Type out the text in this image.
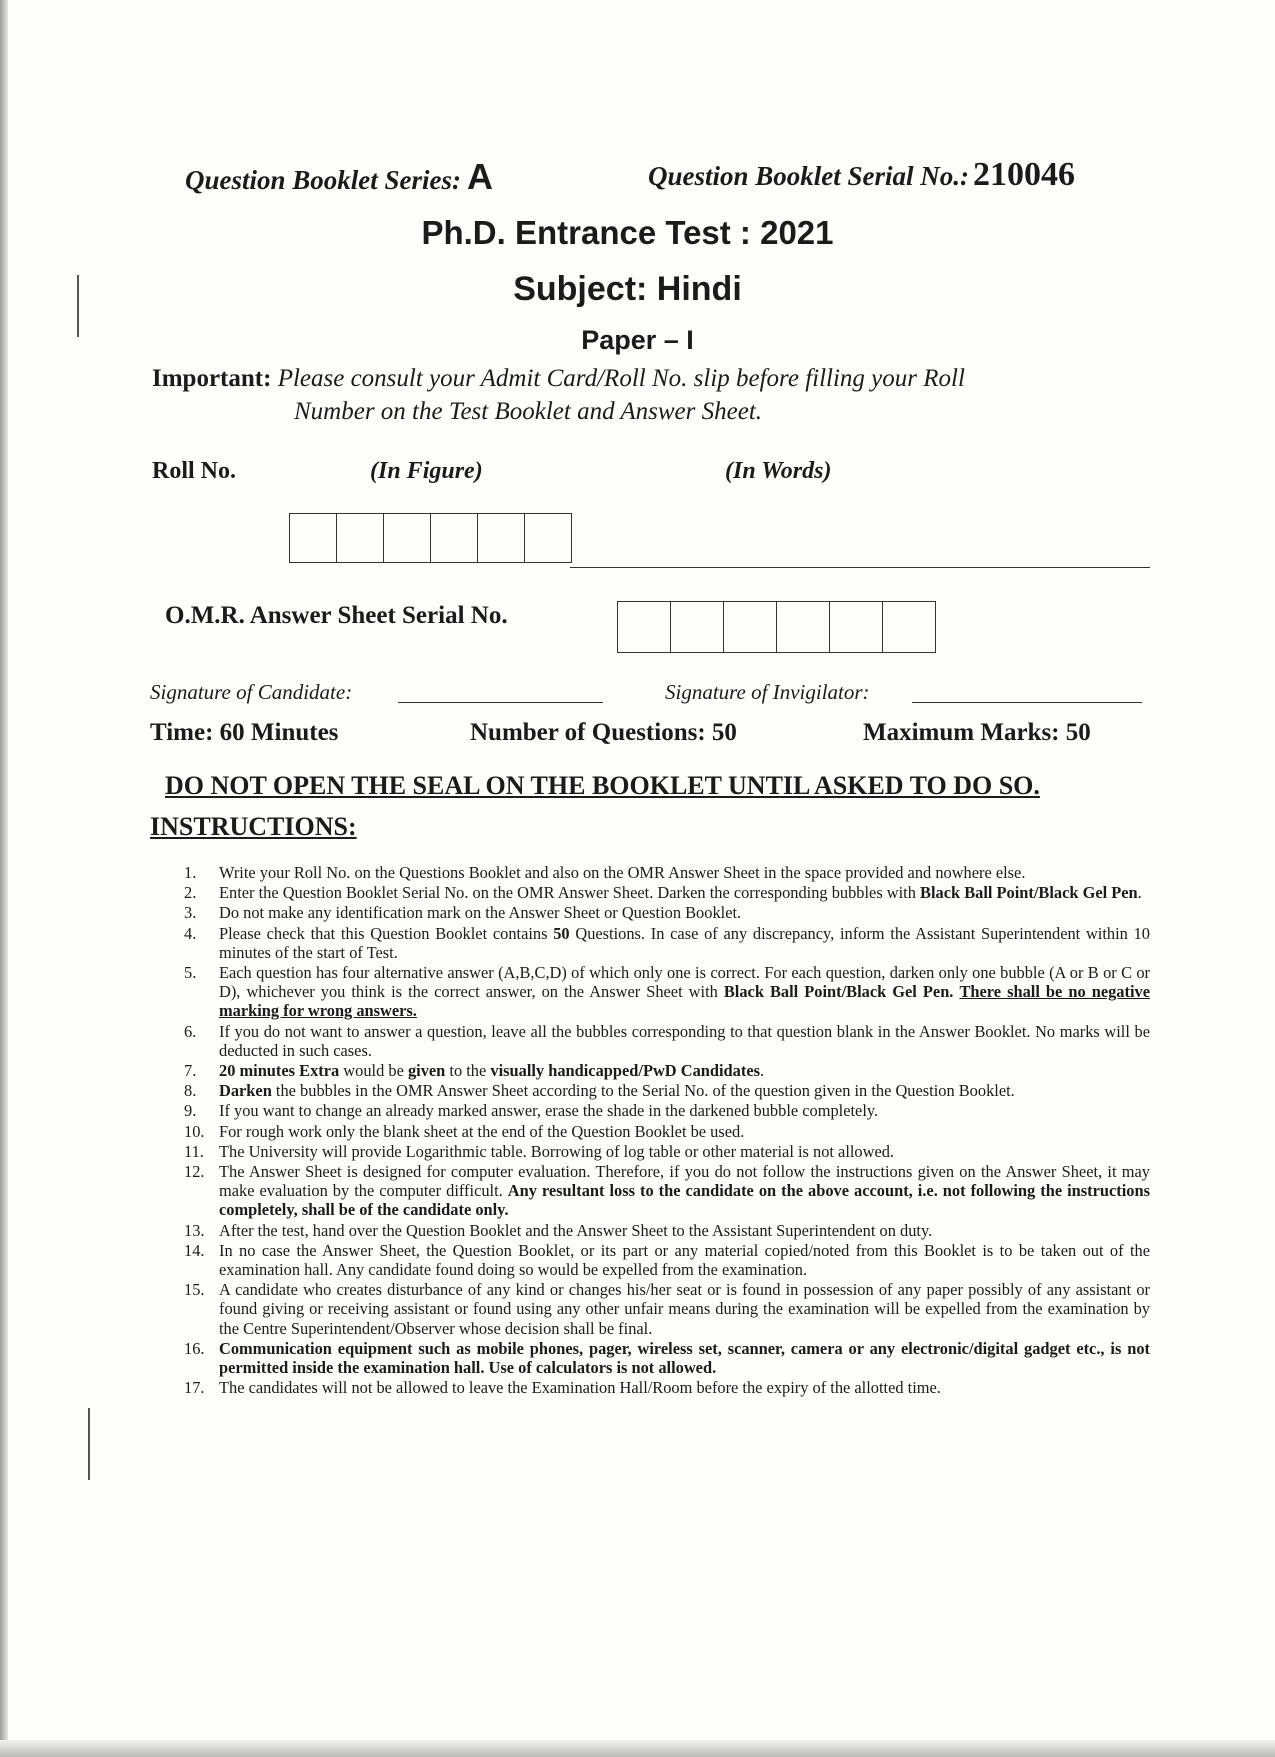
Question Booklet Series: A	Question Booklet Serial No.: 210046
Ph.D. Entrance Test : 2021
Subject: Hindi
Paper – I
Important: Please consult your Admit Card/Roll No. slip before filling your Roll
Number on the Test Booklet and Answer Sheet.
Roll No.	(In Figure)	(In Words)
O.M.R. Answer Sheet Serial No.
Signature of Candidate:	Signature of Invigilator:
Time: 60 Minutes	Number of Questions: 50	Maximum Marks: 50
DO NOT OPEN THE SEAL ON THE BOOKLET UNTIL ASKED TO DO SO.
INSTRUCTIONS:
1.	Write your Roll No. on the Questions Booklet and also on the OMR Answer Sheet in the space provided and nowhere else.
2.	Enter the Question Booklet Serial No. on the OMR Answer Sheet. Darken the corresponding bubbles with Black Ball Point/Black Gel Pen.
3.	Do not make any identification mark on the Answer Sheet or Question Booklet.
4.	Please check that this Question Booklet contains 50 Questions. In case of any discrepancy, inform the Assistant Superintendent within 10 minutes of the start of Test.
5.	Each question has four alternative answer (A,B,C,D) of which only one is correct. For each question, darken only one bubble (A or B or C or D), whichever you think is the correct answer, on the Answer Sheet with Black Ball Point/Black Gel Pen. There shall be no negative marking for wrong answers.
6.	If you do not want to answer a question, leave all the bubbles corresponding to that question blank in the Answer Booklet. No marks will be deducted in such cases.
7.	20 minutes Extra would be given to the visually handicapped/PwD Candidates.
8.	Darken the bubbles in the OMR Answer Sheet according to the Serial No. of the question given in the Question Booklet.
9.	If you want to change an already marked answer, erase the shade in the darkened bubble completely.
10. For rough work only the blank sheet at the end of the Question Booklet be used.
11. The University will provide Logarithmic table. Borrowing of log table or other material is not allowed.
12. The Answer Sheet is designed for computer evaluation. Therefore, if you do not follow the instructions given on the Answer Sheet, it may make evaluation by the computer difficult. Any resultant loss to the candidate on the above account, i.e. not following the instructions completely, shall be of the candidate only.
13. After the test, hand over the Question Booklet and the Answer Sheet to the Assistant Superintendent on duty.
14. In no case the Answer Sheet, the Question Booklet, or its part or any material copied/noted from this Booklet is to be taken out of the examination hall. Any candidate found doing so would be expelled from the examination.
15. A candidate who creates disturbance of any kind or changes his/her seat or is found in possession of any paper possibly of any assistant or found giving or receiving assistant or found using any other unfair means during the examination will be expelled from the examination by the Centre Superintendent/Observer whose decision shall be final.
16. Communication equipment such as mobile phones, pager, wireless set, scanner, camera or any electronic/digital gadget etc., is not permitted inside the examination hall. Use of calculators is not allowed.
17. The candidates will not be allowed to leave the Examination Hall/Room before the expiry of the allotted time.
